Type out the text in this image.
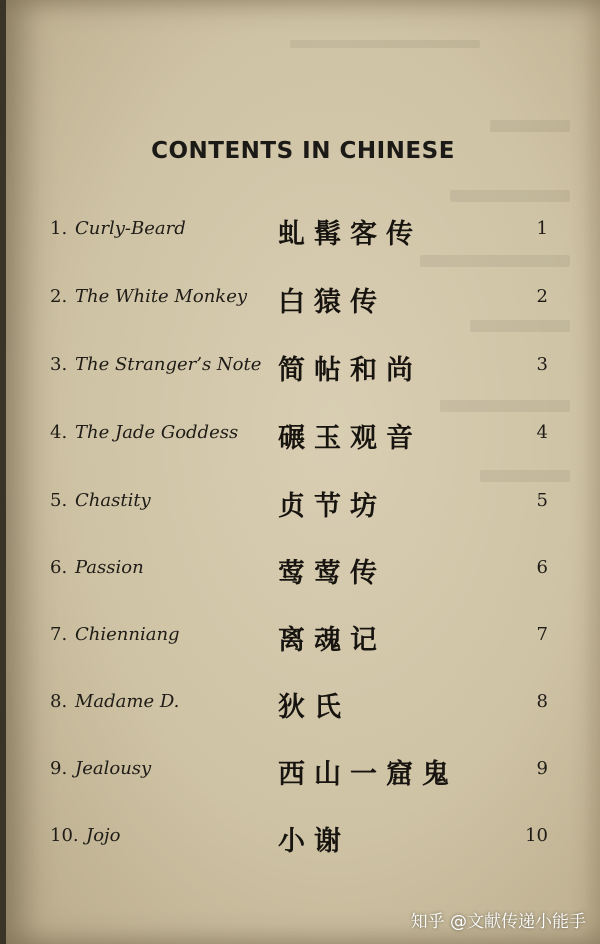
CONTENTS IN CHINESE
1. Curly-Beard	虬髯客传	1
2. The White Monkey 白猿传	2
3. The Stranger’s Note 简帖和尚	3
4. The Jade Goddess 碾玉观音	4
5. Chastity	贞节坊	5
6. Passion	莺莺传	6
7. Chienniang	离魂记	7
8. Madame D.	狄氏	8
9. Jealousy	西山一窟鬼	9
10. Jojo	小谢	10
知乎 @文献传递小能手
